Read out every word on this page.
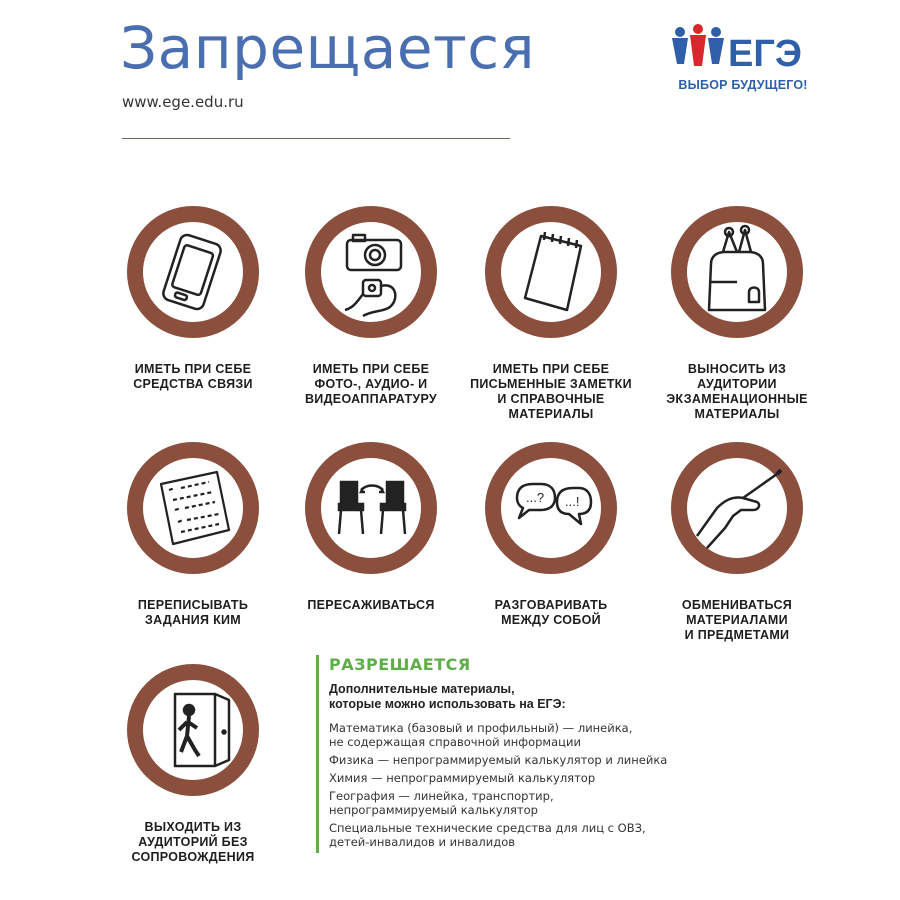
Запрещается
www.ege.edu.ru
ЕГЭ
ВЫБОР БУДУЩЕГО!
ИМЕТЬ ПРИ СЕБЕ
СРЕДСТВА СВЯЗИ
ИМЕТЬ ПРИ СЕБЕ
ФОТО-, АУДИО- И
ВИДЕОАППАРАТУРУ
ИМЕТЬ ПРИ СЕБЕ
ПИСЬМЕННЫЕ ЗАМЕТКИ
И СПРАВОЧНЫЕ
МАТЕРИАЛЫ
ВЫНОСИТЬ ИЗ
АУДИТОРИИ
ЭКЗАМЕНАЦИОННЫЕ
МАТЕРИАЛЫ
ПЕРЕПИСЫВАТЬ
ЗАДАНИЯ КИМ
ПЕРЕСАЖИВАТЬСЯ
...? ...!
РАЗГОВАРИВАТЬ
МЕЖДУ СОБОЙ
ОБМЕНИВАТЬСЯ
МАТЕРИАЛАМИ
И ПРЕДМЕТАМИ
ВЫХОДИТЬ ИЗ
АУДИТОРИЙ БЕЗ
СОПРОВОЖДЕНИЯ
РАЗРЕШАЕТСЯ
Дополнительные материалы,
которые можно использовать на ЕГЭ:
Математика (базовый и профильный) — линейка,
не содержащая справочной информации
Физика — непрограммируемый калькулятор и линейка
Химия — непрограммируемый калькулятор
География — линейка, транспортир,
непрограммируемый калькулятор
Специальные технические средства для лиц с ОВЗ,
детей-инвалидов и инвалидов
